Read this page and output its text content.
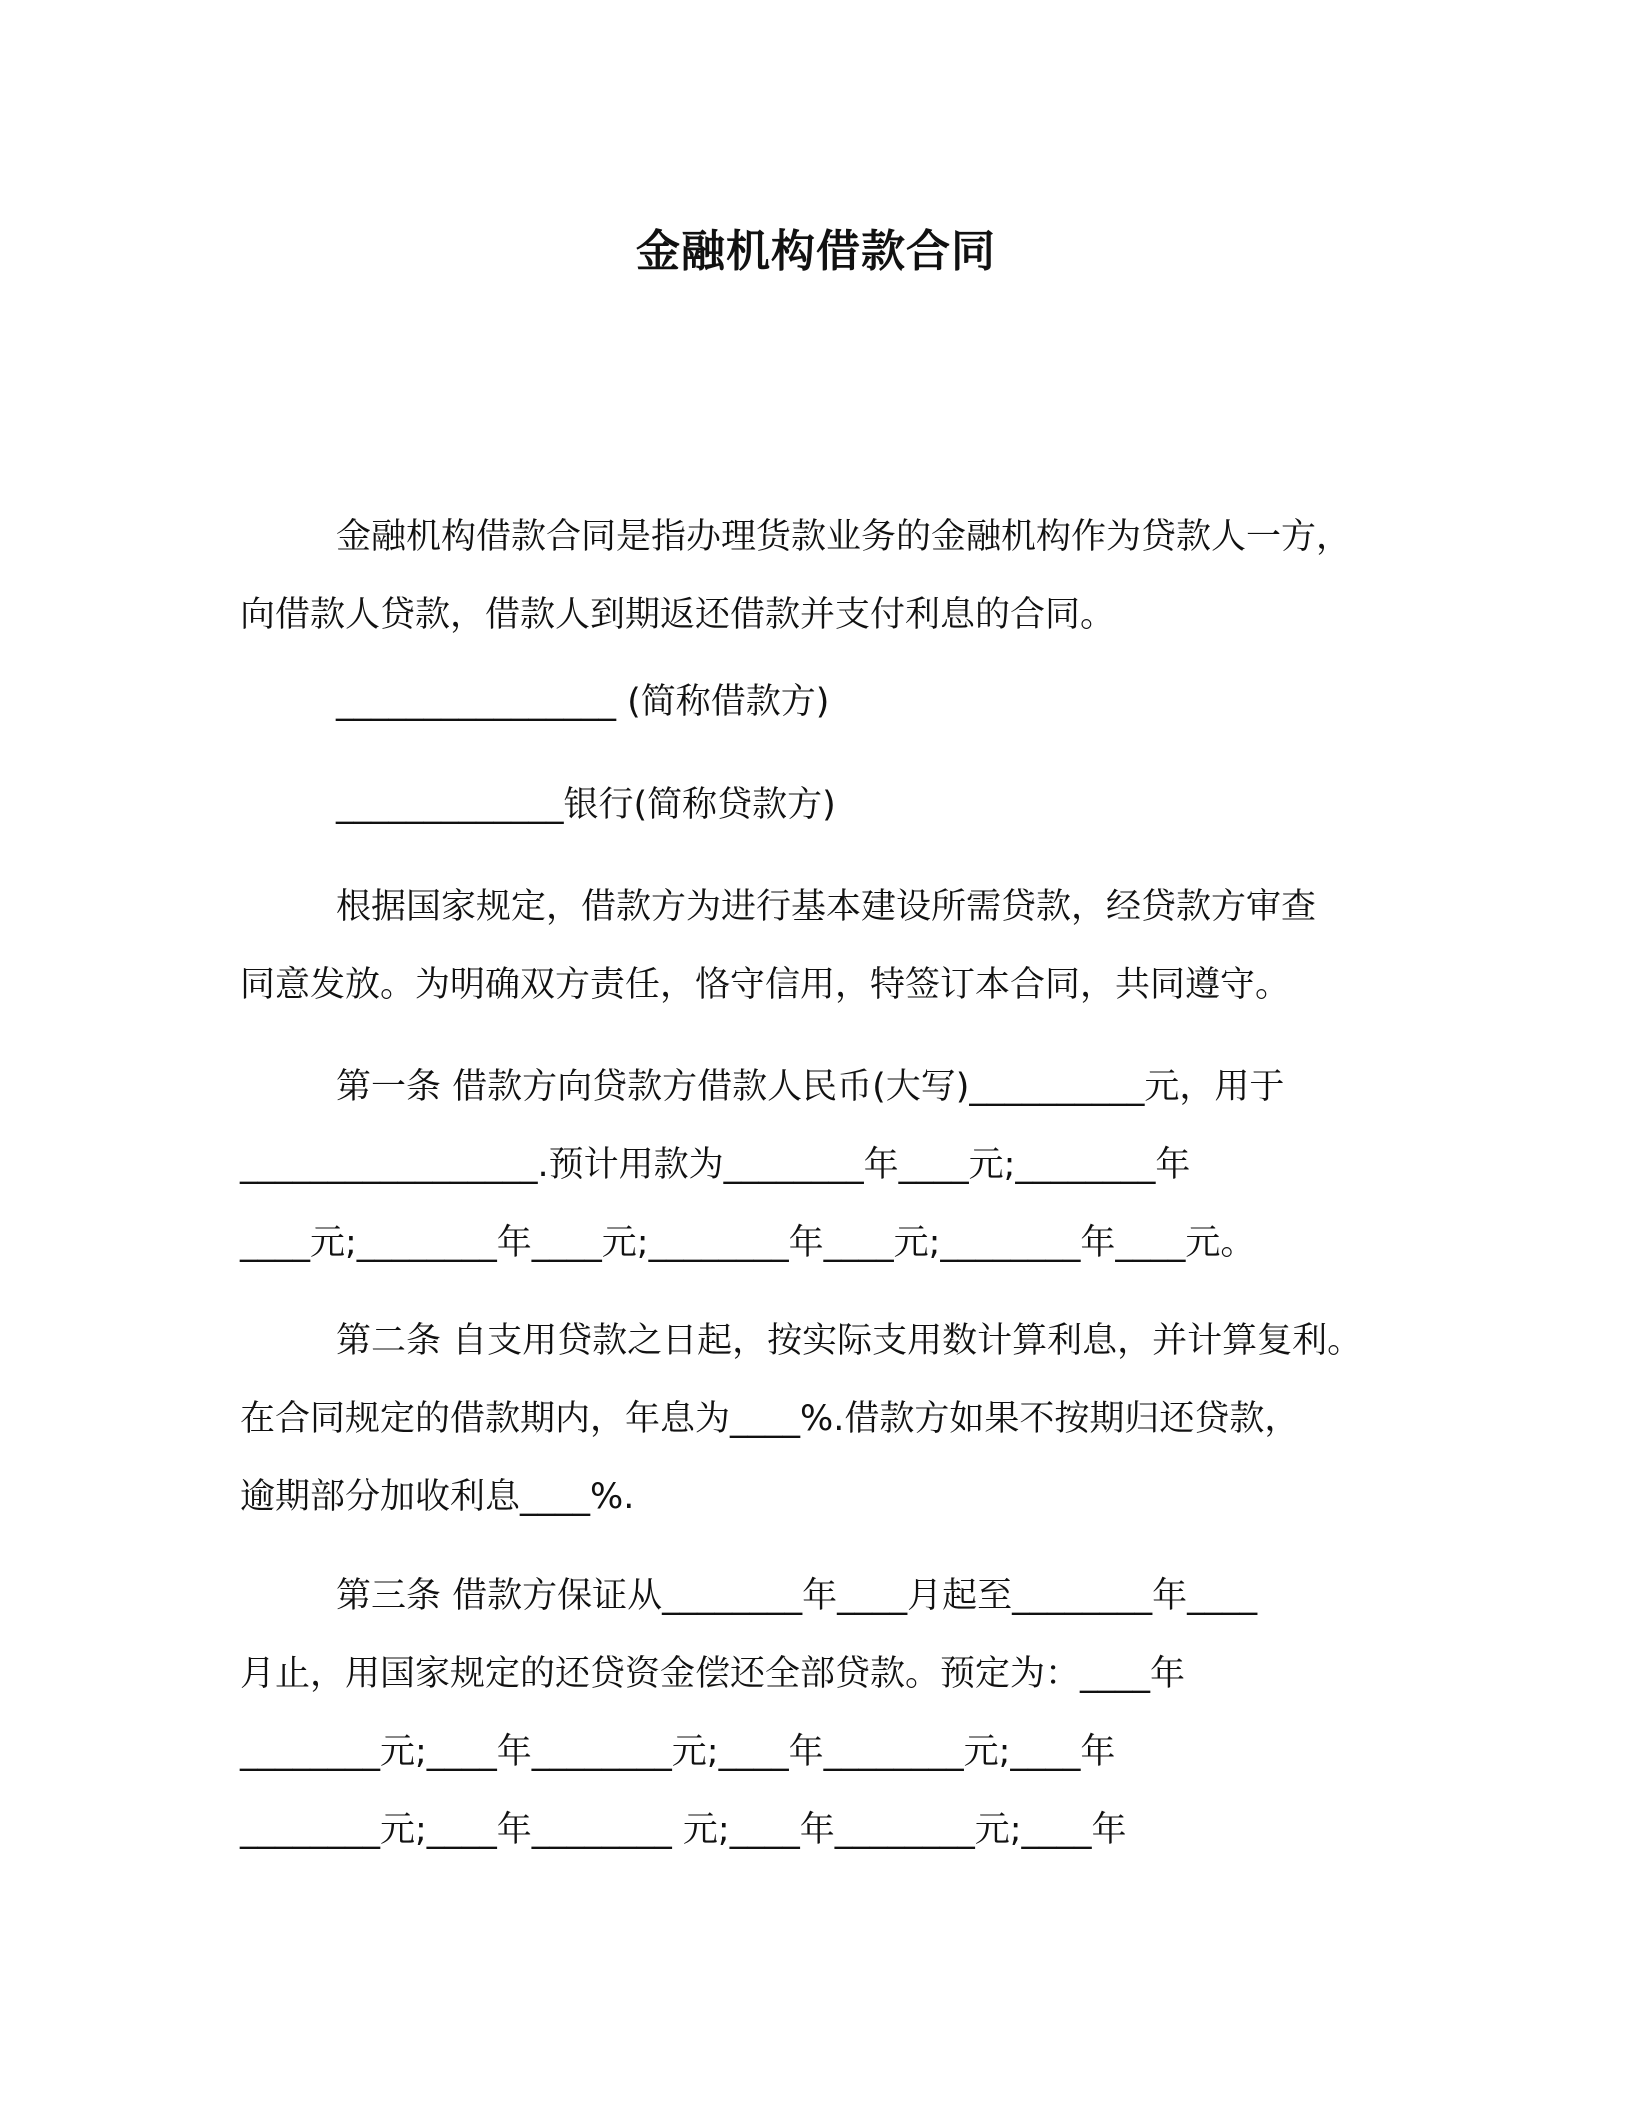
金融机构借款合同
金融机构借款合同是指办理货款业务的金融机构作为贷款人一方，
向借款人贷款，借款人到期返还借款并支付利息的合同。
________________ (简称借款方)
_____________银行(简称贷款方)
根据国家规定，借款方为进行基本建设所需贷款，经贷款方审查
同意发放。为明确双方责任，恪守信用，特签订本合同，共同遵守。
第一条 借款方向贷款方借款人民币(大写)__________元，用于
_________________.预计用款为________年____元;________年
____元;________年____元;________年____元;________年____元。
第二条 自支用贷款之日起，按实际支用数计算利息，并计算复利。
在合同规定的借款期内，年息为____%.借款方如果不按期归还贷款，
逾期部分加收利息____%.
第三条 借款方保证从________年____月起至________年____
月止，用国家规定的还贷资金偿还全部贷款。预定为：____年
________元;____年________元;____年________元;____年
________元;____年________ 元;____年________元;____年
